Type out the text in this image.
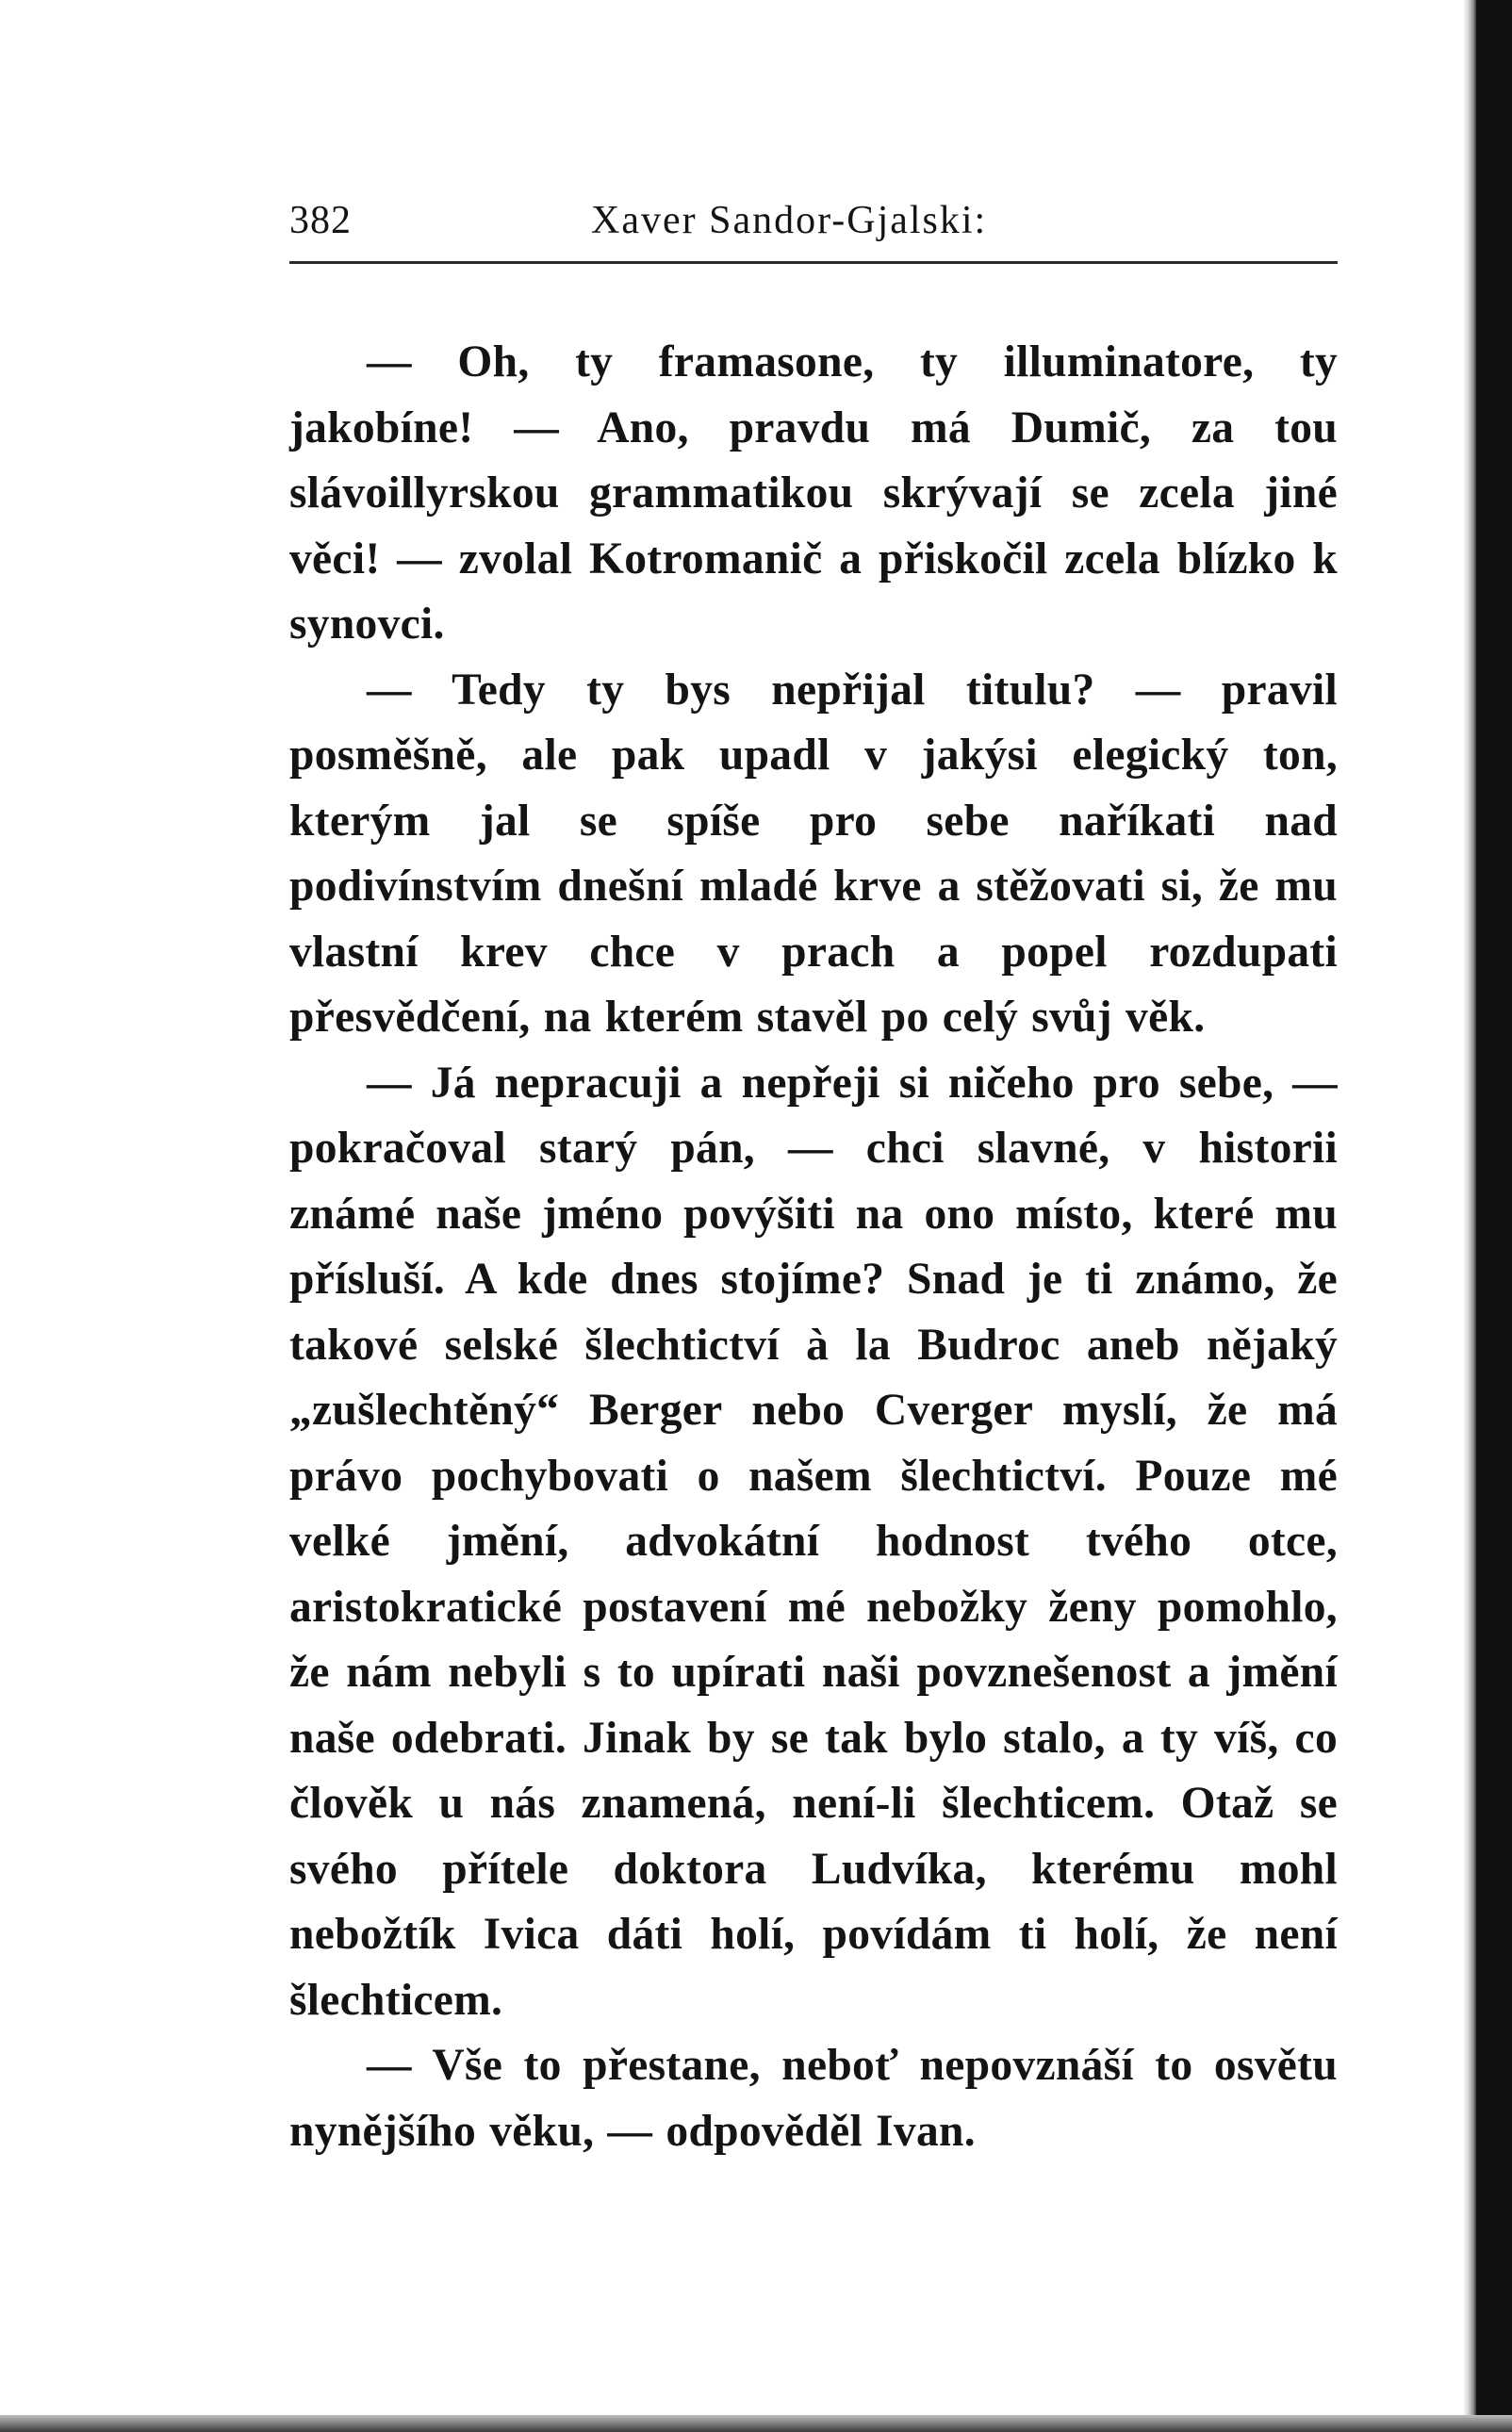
382	Xaver Sandor-Gjalski:

— Oh, ty framasone, ty illuminatore, ty jakobíne! — Ano, pravdu má Dumič, za tou slávoillyrskou grammatikou skrývají se zcela jiné věci! — zvolal Kotromanič a přiskočil zcela blízko k synovci.

— Tedy ty bys nepřijal titulu? — pravil posměšně, ale pak upadl v jakýsi elegický ton, kterým jal se spíše pro sebe naříkati nad podivínstvím dnešní mladé krve a stěžovati si, že mu vlastní krev chce v prach a popel rozdupati přesvědčení, na kterém stavěl po celý svůj věk.

— Já nepracuji a nepřeji si ničeho pro sebe, — pokračoval starý pán, — chci slavné, v historii známé naše jméno povýšiti na ono místo, které mu přísluší. A kde dnes stojíme? Snad je ti známo, že takové selské šlechtictví à la Budroc aneb nějaký „zušlechtěný“ Berger nebo Cverger myslí, že má právo pochybovati o našem šlechtictví. Pouze mé velké jmění, advokátní hodnost tvého otce, aristokratické postavení mé nebožky ženy pomohlo, že nám nebyli s to upírati naši povznešenost a jmění naše odebrati. Jinak by se tak bylo stalo, a ty víš, co člověk u nás znamená, není-li šlechticem. Otaž se svého přítele doktora Ludvíka, kterému mohl nebožtík Ivica dáti holí, povídám ti holí, že není šlechticem.

— Vše to přestane, neboť nepovznáší to osvětu nynějšího věku, — odpověděl Ivan.
